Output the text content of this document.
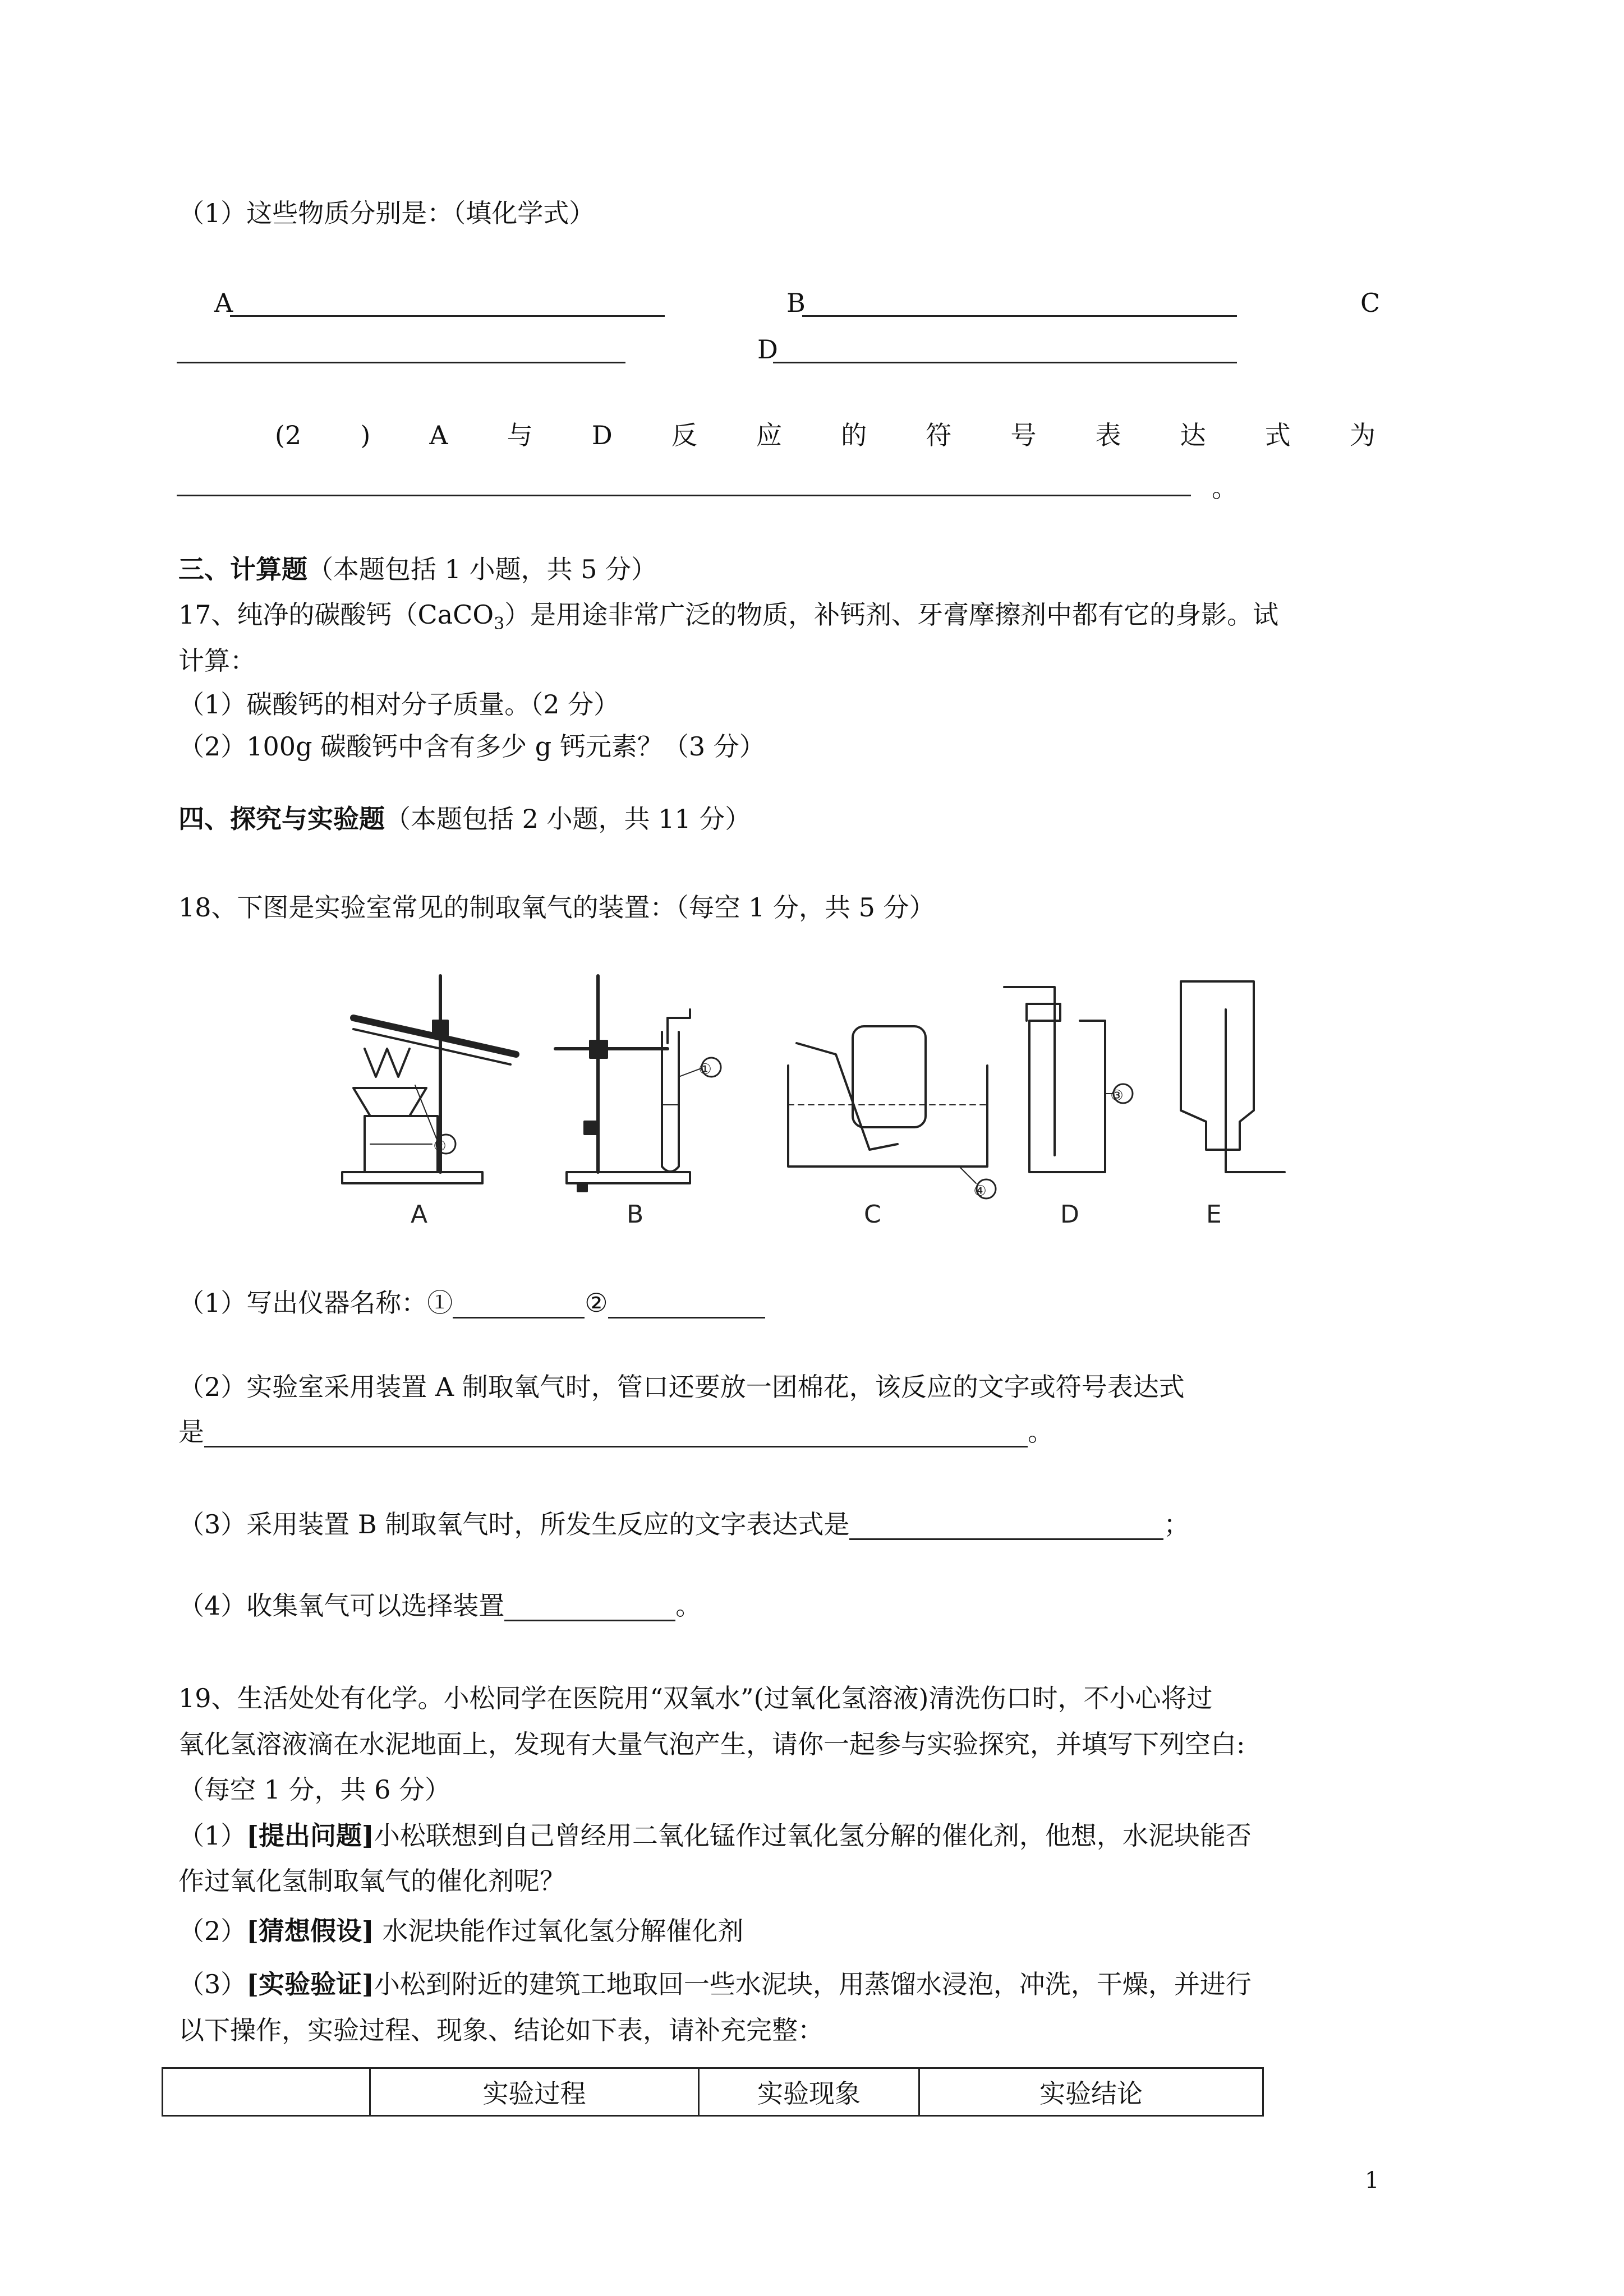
（1）这些物质分别是：（填化学式）
A	B	C
D
(2 ) A 与 D 反 应 的 符 号 表 达 式 为
。
三、计算题（本题包括 1 小题，共 5 分）
17、纯净的碳酸钙（CaCO$_3$）是用途非常广泛的物质，补钙剂、牙膏摩擦剂中都有它的身影。试
计算：
（1）碳酸钙的相对分子质量。（2 分）
（2）100g 碳酸钙中含有多少 g 钙元素？（3 分）
四、探究与实验题（本题包括 2 小题，共 11 分）
18、下图是实验室常见的制取氧气的装置：（每空 1 分，共 5 分）
A	B	C	D	E
②
①
③
④
（1）写出仪器名称：①	②
（2）实验室采用装置 A 制取氧气时，管口还要放一团棉花，该反应的文字或符号表达式
是	。
（3）采用装置 B 制取氧气时，所发生反应的文字表达式是	；
（4）收集氧气可以选择装置	。
19、生活处处有化学。小松同学在医院用“双氧水”(过氧化氢溶液)清洗伤口时，不小心将过
氧化氢溶液滴在水泥地面上，发现有大量气泡产生，请你一起参与实验探究，并填写下列空白:
（每空 1 分，共 6 分）
（1）[提出问题]小松联想到自己曾经用二氧化锰作过氧化氢分解的催化剂，他想，水泥块能否
作过氧化氢制取氧气的催化剂呢？
（2）[猜想假设] 水泥块能作过氧化氢分解催化剂
（3）[实验验证]小松到附近的建筑工地取回一些水泥块，用蒸馏水浸泡，冲洗，干燥，并进行
以下操作，实验过程、现象、结论如下表，请补充完整：
	实验过程	实验现象	实验结论
1
